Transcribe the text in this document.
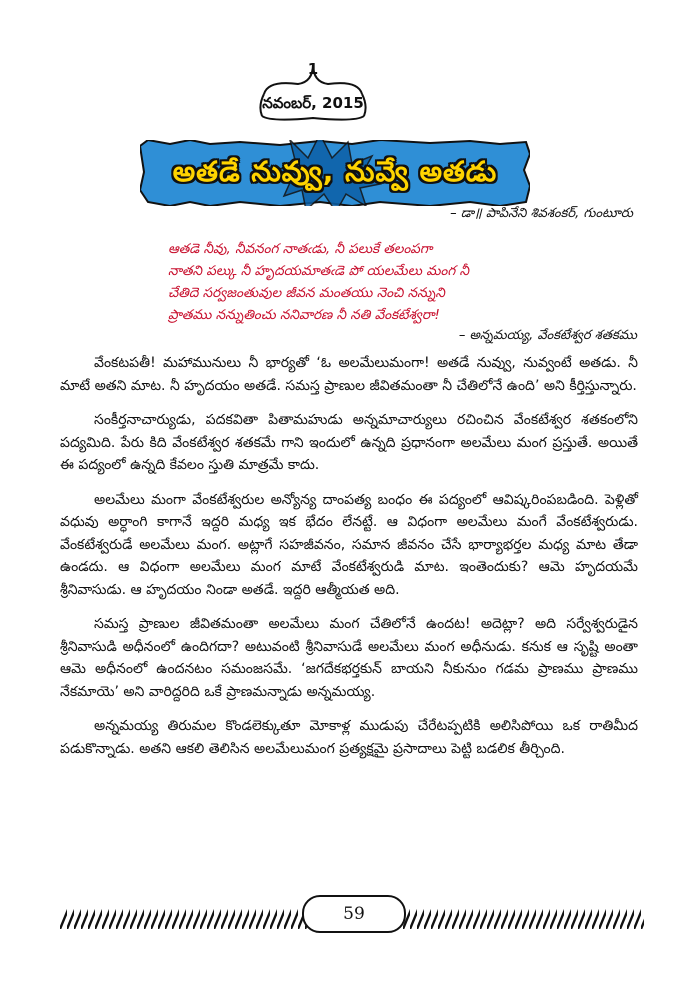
1
నవంబర్, 2015
అతడే నువ్వు, నువ్వే అతడు
– డా॥ పాపినేని శివశంకర్, గుంటూరు
ఆతడె నీవు, నీవనంగ నాతఁడు, నీ పలుకే తలంపగా
నాతని పల్కు నీ హృదయమాతఁడె పో యలమేలు మంగ నీ
చేతిదె సర్వజంతువుల జీవన మంతయు నెంచి నన్నుని
ప్రాతము నన్నుతించు ననివారణ నీ నతి వేంకటేశ్వరా!
– అన్నమయ్య, వేంకటేశ్వర శతకము

వేంకటపతీ! మహామునులు నీ భార్యతో ‘ఓ అలమేలుమంగా! అతడే నువ్వు, నువ్వంటే అతడు. నీ మాటే అతని మాట. నీ హృదయం అతడే. సమస్త ప్రాణుల జీవితమంతా నీ చేతిలోనే ఉంది’ అని కీర్తిస్తున్నారు.

సంకీర్తనాచార్యుడు, పదకవితా పితామహుడు అన్నమాచార్యులు రచించిన వేంకటేశ్వర శతకంలోని పద్యమిది. పేరు కిది వేంకటేశ్వర శతకమే గాని ఇందులో ఉన్నది ప్రధానంగా అలమేలు మంగ ప్రస్తుతే. అయితే ఈ పద్యంలో ఉన్నది కేవలం స్తుతి మాత్రమే కాదు.

అలమేలు మంగా వేంకటేశ్వరుల అన్యోన్య దాంపత్య బంధం ఈ పద్యంలో ఆవిష్కరింపబడింది. పెళ్లితో వధువు అర్ధాంగి కాగానే ఇద్దరి మధ్య ఇక భేదం లేనట్టే. ఆ విధంగా అలమేలు మంగే వేంకటేశ్వరుడు. వేంకటేశ్వరుడే అలమేలు మంగ. అట్లాగే సహజీవనం, సమాన జీవనం చేసే భార్యాభర్తల మధ్య మాట తేడా ఉండదు. ఆ విధంగా అలమేలు మంగ మాటే వేంకటేశ్వరుడి మాట. ఇంతెందుకు? ఆమె హృదయమే శ్రీనివాసుడు. ఆ హృదయం నిండా అతడే. ఇద్దరి ఆత్మీయత అది.

సమస్త ప్రాణుల జీవితమంతా అలమేలు మంగ చేతిలోనే ఉందట! అదెట్లా? అది సర్వేశ్వరుడైన శ్రీనివాసుడి అధీనంలో ఉందిగదా? అటువంటి శ్రీనివాసుడే అలమేలు మంగ అధీనుడు. కనుక ఆ సృష్టి అంతా ఆమె అధీనంలో ఉందనటం సమంజసమే. ‘జగదేకభర్తకున్ బాయని నీకునుం గడమ ప్రాణము ప్రాణము నేకమాయె’ అని వారిద్దరిది ఒకే ప్రాణమన్నాడు అన్నమయ్య.

అన్నమయ్య తిరుమల కొండలెక్కుతూ మోకాళ్ల ముడుపు చేరేటప్పటికి అలిసిపోయి ఒక రాతిమీద పడుకొన్నాడు. అతని ఆకలి తెలిసిన అలమేలుమంగ ప్రత్యక్షమై ప్రసాదాలు పెట్టి బడలిక తీర్చింది.

59
